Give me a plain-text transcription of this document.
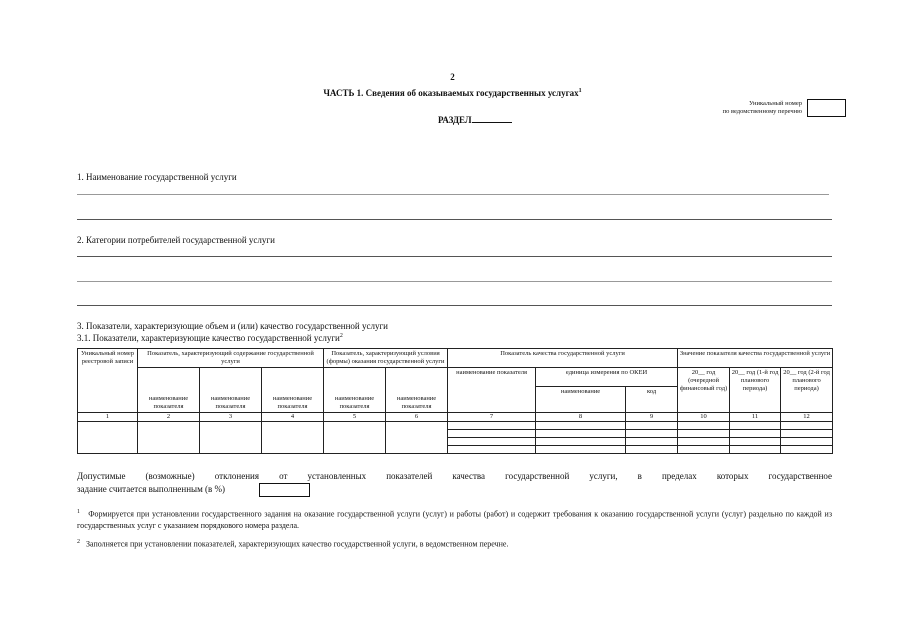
2
ЧАСТЬ 1. Сведения об оказываемых государственных услугах$^1$
РАЗДЕЛ
Уникальный номер
по ведомственному перечню
1. Наименование государственной услуги
2. Категории потребителей государственной услуги
3. Показатели, характеризующие объем и (или) качество государственной услуги
3.1. Показатели, характеризующие качество государственной услуги$^2$
Уникальный номер реестровой записи	Показатель, характеризующий содержание государственной услуги			Показатель, характеризующий условия (формы) оказания государственной услуги		Показатель качества государственной услуги			Значение показателя качества государственной услуги		
	наименование показателя	наименование показателя	наименование показателя	наименование показателя	наименование показателя	наименование показателя	единица измерения по ОКЕИ		20__ год (очередной финансовый год)	20__ год (1-й год планового периода)	20__ год (2-й год планового периода)
							наименование	код			
1	2	3	4	5	6	7	8	9	10	11	12

Допустимые (возможные) отклонения от установленных показателей качества государственной услуги, в пределах которых государственное
задание считается выполненным (в %)
$^1$ Формируется при установлении государственного задания на оказание государственной услуги (услуг) и работы (работ) и содержит требования к оказанию государственной услуги (услуг) раздельно по каждой из государственных услуг с указанием порядкового номера раздела.
$^2$ Заполняется при установлении показателей, характеризующих качество государственной услуги, в ведомственном перечне.
